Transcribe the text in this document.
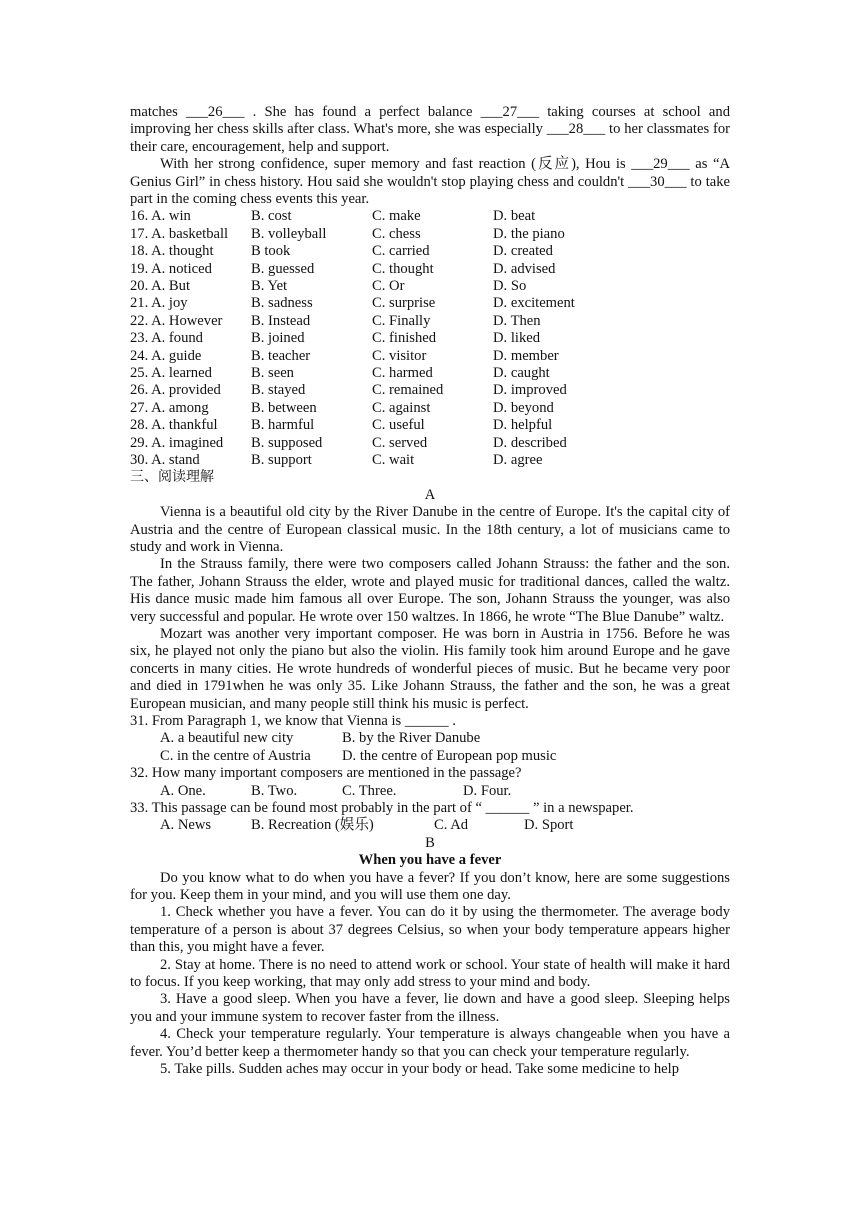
matches ___26___ . She has found a perfect balance ___27___ taking courses at school and improving her chess skills after class. What's more, she was especially ___28___ to her classmates for their care, encouragement, help and support.

With her strong confidence, super memory and fast reaction (反应), Hou is ___29___ as “A Genius Girl” in chess history. Hou said she wouldn't stop playing chess and couldn't ___30___ to take part in the coming chess events this year.

16. A. win	B. cost	C. make	D. beat
17. A. basketball	B. volleyball	C. chess	D. the piano
18. A. thought	B took	C. carried	D. created
19. A. noticed	B. guessed	C. thought	D. advised
20. A. But	B. Yet	C. Or	D. So
21. A. joy	B. sadness	C. surprise	D. excitement
22. A. However	B. Instead	C. Finally	D. Then
23. A. found	B. joined	C. finished	D. liked
24. A. guide	B. teacher	C. visitor	D. member
25. A. learned	B. seen	C. harmed	D. caught
26. A. provided	B. stayed	C. remained	D. improved
27. A. among	B. between	C. against	D. beyond
28. A. thankful	B. harmful	C. useful	D. helpful
29. A. imagined	B. supposed	C. served	D. described
30. A. stand	B. support	C. wait	D. agree

三、阅读理解

A

Vienna is a beautiful old city by the River Danube in the centre of Europe. It's the capital city of Austria and the centre of European classical music. In the 18th century, a lot of musicians came to study and work in Vienna.

In the Strauss family, there were two composers called Johann Strauss: the father and the son. The father, Johann Strauss the elder, wrote and played music for traditional dances, called the waltz. His dance music made him famous all over Europe. The son, Johann Strauss the younger, was also very successful and popular. He wrote over 150 waltzes. In 1866, he wrote “The Blue Danube” waltz.

Mozart was another very important composer. He was born in Austria in 1756. Before he was six, he played not only the piano but also the violin. His family took him around Europe and he gave concerts in many cities. He wrote hundreds of wonderful pieces of music. But he became very poor and died in 1791when he was only 35. Like Johann Strauss, the father and the son, he was a great European musician, and many people still think his music is perfect.

31. From Paragraph 1, we know that Vienna is ______ .

A. a beautiful new city	B. by the River Danube
C. in the centre of Austria	D. the centre of European pop music

32. How many important composers are mentioned in the passage?

A. One.	B. Two.	C. Three.	D. Four.

33. This passage can be found most probably in the part of “ ______ ” in a newspaper.

A. News	B. Recreation (娱乐)	C. Ad	D. Sport

B

When you have a fever

Do you know what to do when you have a fever? If you don’t know, here are some suggestions for you. Keep them in your mind, and you will use them one day.

1. Check whether you have a fever. You can do it by using the thermometer. The average body temperature of a person is about 37 degrees Celsius, so when your body temperature appears higher than this, you might have a fever.

2. Stay at home. There is no need to attend work or school. Your state of health will make it hard to focus. If you keep working, that may only add stress to your mind and body.

3. Have a good sleep. When you have a fever, lie down and have a good sleep. Sleeping helps you and your immune system to recover faster from the illness.

4. Check your temperature regularly. Your temperature is always changeable when you have a fever. You’d better keep a thermometer handy so that you can check your temperature regularly.

5. Take pills. Sudden aches may occur in your body or head. Take some medicine to help
